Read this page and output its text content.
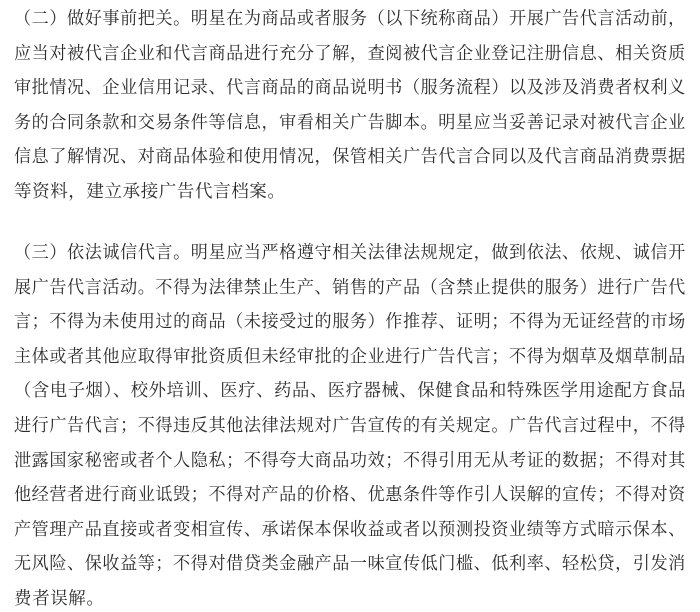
（二）做好事前把关。明星在为商品或者服务（以下统称商品）开展广告代言活动前，
应当对被代言企业和代言商品进行充分了解，查阅被代言企业登记注册信息、相关资质
审批情况、企业信用记录、代言商品的商品说明书（服务流程）以及涉及消费者权利义
务的合同条款和交易条件等信息，审看相关广告脚本。明星应当妥善记录对被代言企业
信息了解情况、对商品体验和使用情况，保管相关广告代言合同以及代言商品消费票据
等资料，建立承接广告代言档案。
（三）依法诚信代言。明星应当严格遵守相关法律法规规定，做到依法、依规、诚信开
展广告代言活动。不得为法律禁止生产、销售的产品（含禁止提供的服务）进行广告代
言；不得为未使用过的商品（未接受过的服务）作推荐、证明；不得为无证经营的市场
主体或者其他应取得审批资质但未经审批的企业进行广告代言；不得为烟草及烟草制品
（含电子烟）、校外培训、医疗、药品、医疗器械、保健食品和特殊医学用途配方食品
进行广告代言；不得违反其他法律法规对广告宣传的有关规定。广告代言过程中，不得
泄露国家秘密或者个人隐私；不得夸大商品功效；不得引用无从考证的数据；不得对其
他经营者进行商业诋毁；不得对产品的价格、优惠条件等作引人误解的宣传；不得对资
产管理产品直接或者变相宣传、承诺保本保收益或者以预测投资业绩等方式暗示保本、
无风险、保收益等；不得对借贷类金融产品一味宣传低门槛、低利率、轻松贷，引发消
费者误解。
